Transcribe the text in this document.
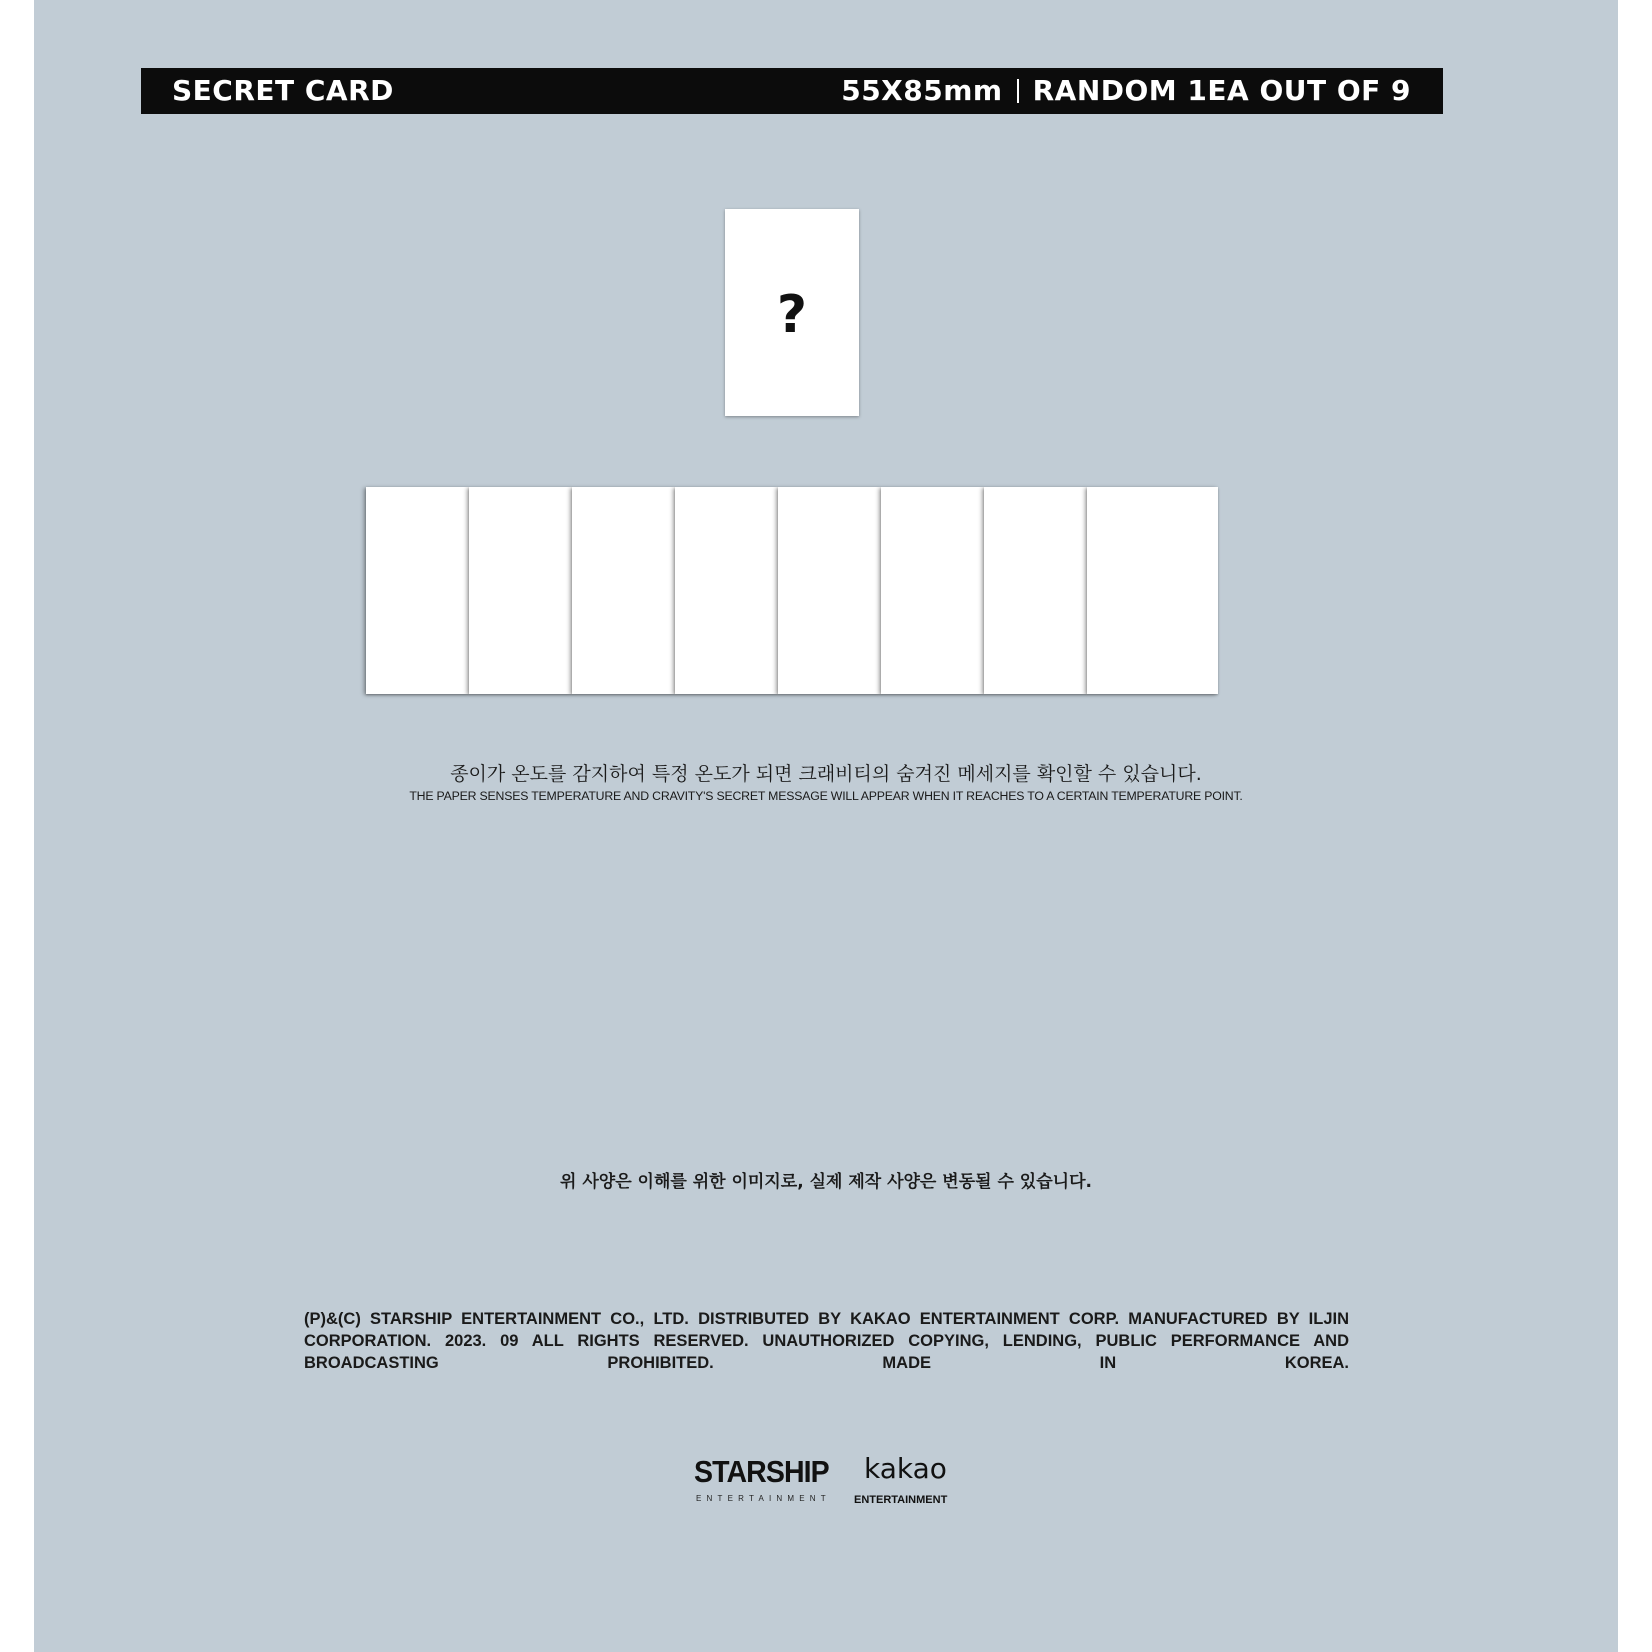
SECRET CARD	55X85mm RANDOM 1EA OUT OF 9
?
종이가 온도를 감지하여 특정 온도가 되면 크래비티의 숨겨진 메세지를 확인할 수 있습니다.
THE PAPER SENSES TEMPERATURE AND CRAVITY'S SECRET MESSAGE WILL APPEAR WHEN IT REACHES TO A CERTAIN TEMPERATURE POINT.
위 사양은 이해를 위한 이미지로, 실제 제작 사양은 변동될 수 있습니다.
(P)&(C) STARSHIP ENTERTAINMENT CO., LTD. DISTRIBUTED BY KAKAO ENTERTAINMENT CORP. MANUFACTURED BY ILJIN CORPORATION. 2023. 09 ALL RIGHTS RESERVED. UNAUTHORIZED COPYING, LENDING, PUBLIC PERFORMANCE AND BROADCASTING PROHIBITED. MADE IN KOREA.
STARSHIP
ENTERTAINMENT
kakao
ENTERTAINMENT
